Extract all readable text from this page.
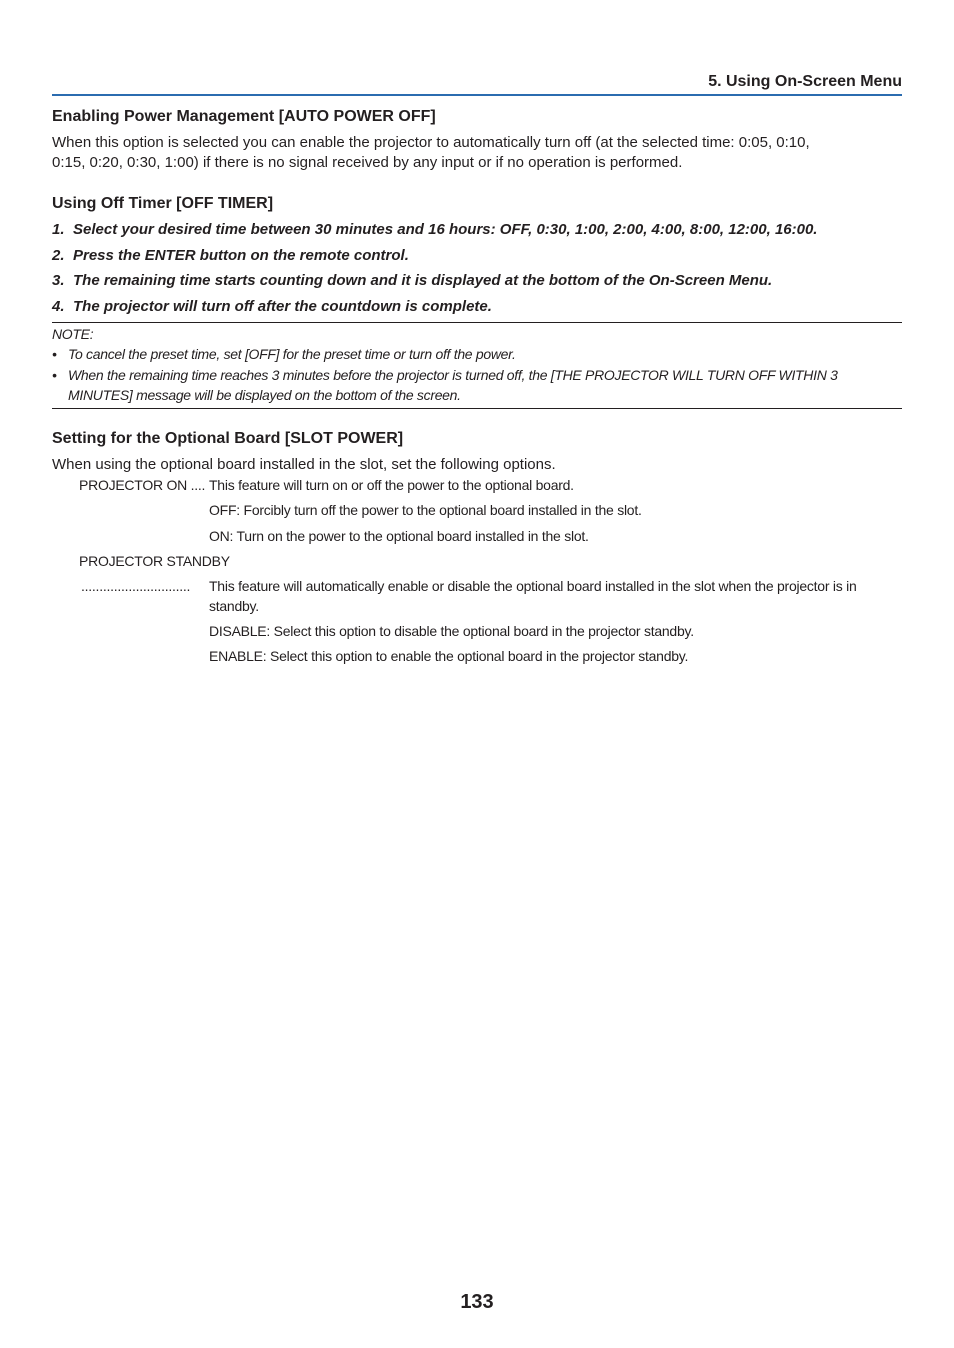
5. Using On-Screen Menu
Enabling Power Management [AUTO POWER OFF]
When this option is selected you can enable the projector to automatically turn off (at the selected time: 0:05, 0:10,
0:15, 0:20, 0:30, 1:00) if there is no signal received by any input or if no operation is performed.
Using Off Timer [OFF TIMER]
1. Select your desired time between 30 minutes and 16 hours: OFF, 0:30, 1:00, 2:00, 4:00, 8:00, 12:00, 16:00.
2. Press the ENTER button on the remote control.
3. The remaining time starts counting down and it is displayed at the bottom of the On-Screen Menu.
4. The projector will turn off after the countdown is complete.
NOTE:
• To cancel the preset time, set [OFF] for the preset time or turn off the power.
• When the remaining time reaches 3 minutes before the projector is turned off, the [THE PROJECTOR WILL TURN OFF WITHIN 3 MINUTES] message will be displayed on the bottom of the screen.
Setting for the Optional Board [SLOT POWER]
When using the optional board installed in the slot, set the following options.
PROJECTOR ON .... This feature will turn on or off the power to the optional board.
OFF: Forcibly turn off the power to the optional board installed in the slot.
ON: Turn on the power to the optional board installed in the slot.
PROJECTOR STANDBY
..............................	This feature will automatically enable or disable the optional board installed in the slot when the projector is in standby.
DISABLE: Select this option to disable the optional board in the projector standby.
ENABLE: Select this option to enable the optional board in the projector standby.
133
